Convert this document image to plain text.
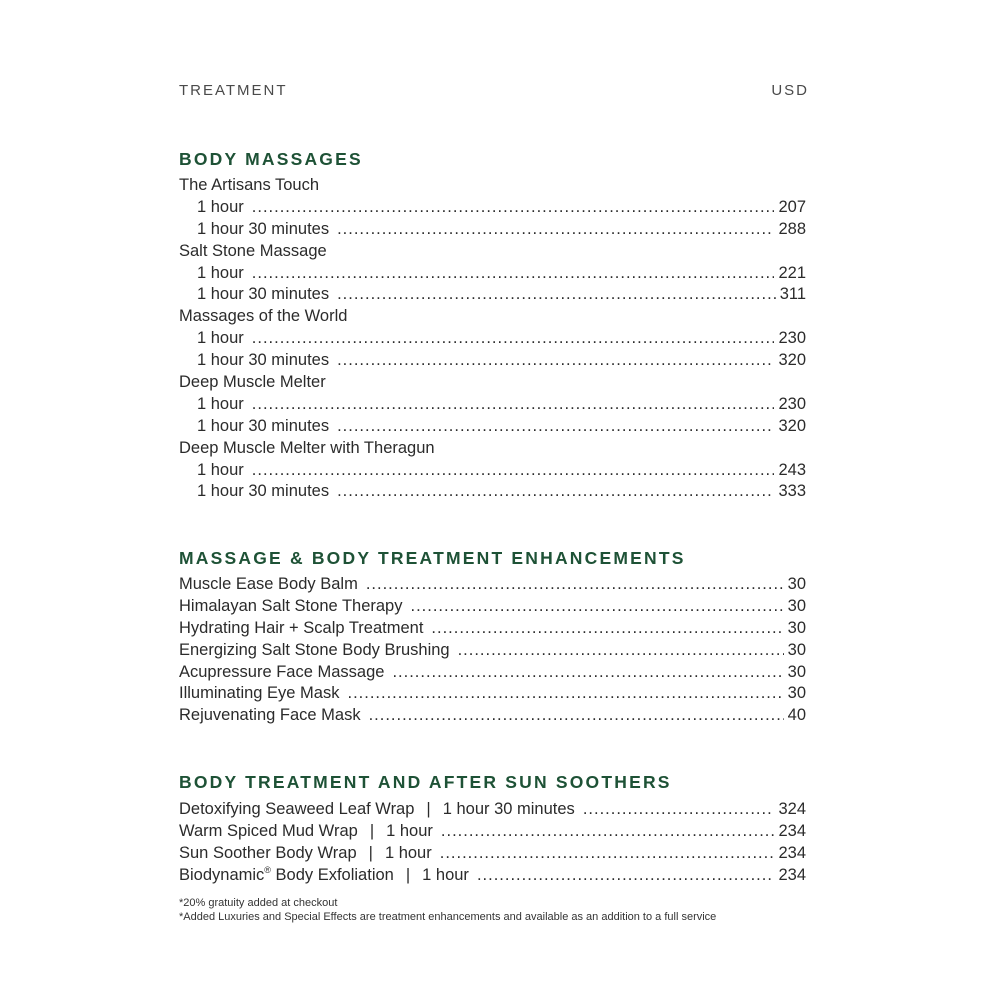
TREATMENT	USD
BODY MASSAGES
The Artisans Touch
1 hour .....	207
1 hour 30 minutes .....	288
Salt Stone Massage
1 hour .....	221
1 hour 30 minutes .....	311
Massages of the World
1 hour .....	230
1 hour 30 minutes .....	320
Deep Muscle Melter
1 hour .....	230
1 hour 30 minutes .....	320
Deep Muscle Melter with Theragun
1 hour .....	243
1 hour 30 minutes .....	333
MASSAGE & BODY TREATMENT ENHANCEMENTS
Muscle Ease Body Balm .....	30
Himalayan Salt Stone Therapy .....	30
Hydrating Hair + Scalp Treatment .....	30
Energizing Salt Stone Body Brushing .....	30
Acupressure Face Massage .....	30
Illuminating Eye Mask .....	30
Rejuvenating Face Mask .....	40
BODY TREATMENT AND AFTER SUN SOOTHERS
Detoxifying Seaweed Leaf Wrap | 1 hour 30 minutes .....	324
Warm Spiced Mud Wrap | 1 hour .....	234
Sun Soother Body Wrap | 1 hour .....	234
Biodynamic® Body Exfoliation | 1 hour .....	234
*20% gratuity added at checkout
*Added Luxuries and Special Effects are treatment enhancements and available as an addition to a full service
